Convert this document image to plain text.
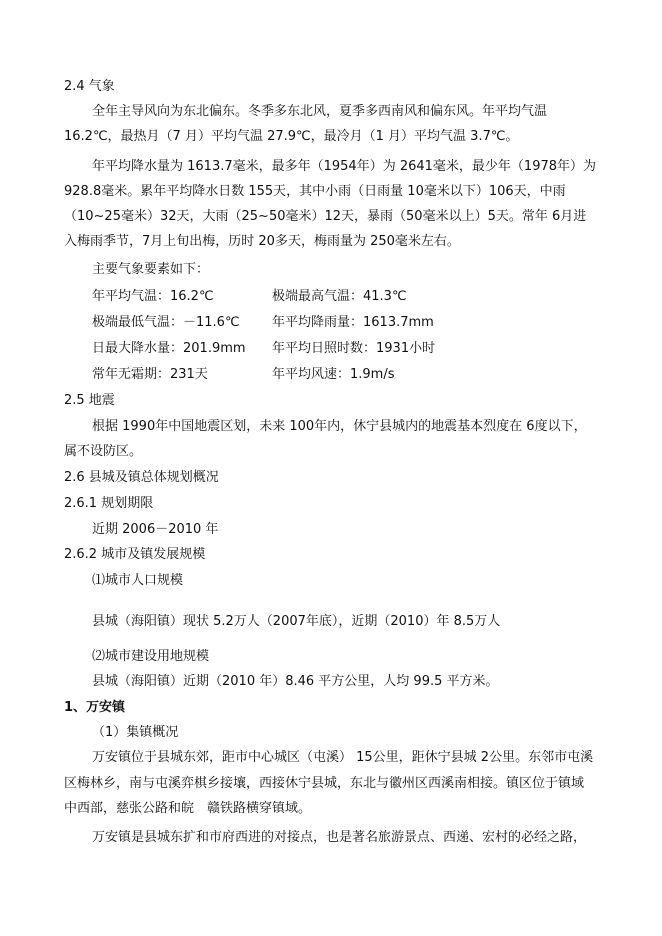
2.4 气象
全年主导风向为东北偏东。冬季多东北风，夏季多西南风和偏东风。年平均气温
16.2℃，最热月（7 月）平均气温 27.9℃，最冷月（1 月）平均气温 3.7℃。
年平均降水量为 1613.7毫米，最多年（1954年）为 2641毫米，最少年（1978年）为
928.8毫米。累年平均降水日数 155天，其中小雨（日雨量 10毫米以下）106天，中雨
（10~25毫米）32天，大雨（25~50毫米）12天，暴雨（50毫米以上）5天。常年 6月进
入梅雨季节，7月上旬出梅，历时 20多天，梅雨量为 250毫米左右。
主要气象要素如下：
年平均气温：16.2℃	极端最高气温：41.3℃
极端最低气温：－11.6℃ 年平均降雨量：1613.7mm
日最大降水量：201.9mm 年平均日照时数：1931小时
常年无霜期：231天	年平均风速：1.9m/s
2.5 地震
根据 1990年中国地震区划，未来 100年内，休宁县城内的地震基本烈度在 6度以下，
属不设防区。
2.6 县城及镇总体规划概况
2.6.1 规划期限
近期 2006－2010 年
2.6.2 城市及镇发展规模
⑴城市人口规模
县城（海阳镇）现状 5.2万人（2007年底），近期（2010）年 8.5万人
⑵城市建设用地规模
县城（海阳镇）近期（2010 年）8.46 平方公里，人均 99.5 平方米。
1、万安镇
（1）集镇概况
万安镇位于县城东郊，距市中心城区（屯溪） 15公里，距休宁县城 2公里。东邻市屯溪
区梅林乡，南与屯溪弈棋乡接壤，西接休宁县城，东北与徽州区西溪南相接。镇区位于镇域
中西部，慈张公路和皖　赣铁路横穿镇域。
万安镇是县城东扩和市府西进的对接点，也是著名旅游景点、西递、宏村的必经之路，
